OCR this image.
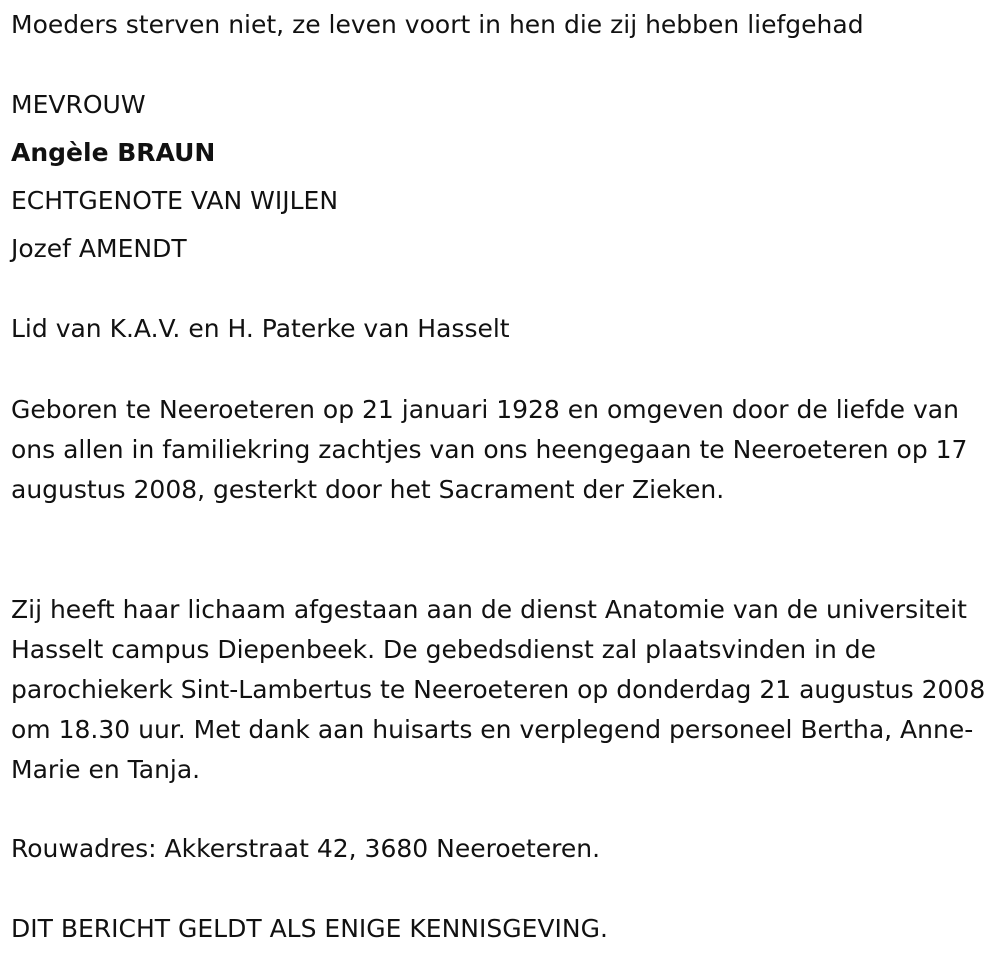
Moeders sterven niet, ze leven voort in hen die zij hebben liefgehad
MEVROUW
Angèle BRAUN
ECHTGENOTE VAN WIJLEN
Jozef AMENDT
Lid van K.A.V. en H. Paterke van Hasselt
Geboren te Neeroeteren op 21 januari 1928 en omgeven door de liefde van ons allen in familiekring zachtjes van ons heengegaan te Neeroeteren op 17 augustus 2008, gesterkt door het Sacrament der Zieken.
Zij heeft haar lichaam afgestaan aan de dienst Anatomie van de universiteit Hasselt campus Diepenbeek. De gebedsdienst zal plaatsvinden in de parochiekerk Sint-Lambertus te Neeroeteren op donderdag 21 augustus 2008 om 18.30 uur. Met dank aan huisarts en verplegend personeel Bertha, Anne-Marie en Tanja.
Rouwadres: Akkerstraat 42, 3680 Neeroeteren.
DIT BERICHT GELDT ALS ENIGE KENNISGEVING.
